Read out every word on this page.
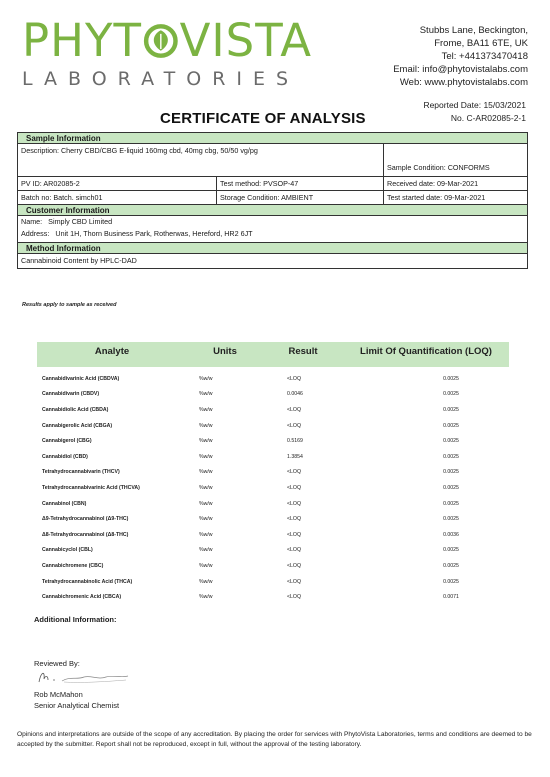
PHYT VISTA
LABORATORIES
Stubbs Lane, Beckington,
Frome, BA11 6TE, UK
Tel: +441373470418
Email: info@phytovistalabs.com
Web: www.phytovistalabs.com
Reported Date: 15/03/2021
No. C-AR02085-2-1
CERTIFICATE OF ANALYSIS
Sample Information
Description: Cherry CBD/CBG E-liquid 160mg cbd, 40mg cbg, 50/50 vg/pg
Sample Condition: CONFORMS
PV ID: AR02085-2	Test method: PVSOP-47	Received date: 09-Mar-2021
Batch no: Batch. simch01	Storage Condition: AMBIENT	Test started date: 09-Mar-2021
Customer Information
Name: Simply CBD Limited
Address: Unit 1H, Thorn Business Park, Rotherwas, Hereford, HR2 6JT
Method Information
Cannabinoid Content by HPLC-DAD
Results apply to sample as received
Analyte	Units	Result	Limit Of Quantification (LOQ)
Cannabidivarinic Acid (CBDVA)	%w/w	<LOQ	0.0025
Cannabidivarin (CBDV)	%w/w	0.0046	0.0025
Cannabidiolic Acid (CBDA)	%w/w	<LOQ	0.0025
Cannabigerolic Acid (CBGA)	%w/w	<LOQ	0.0025
Cannabigerol (CBG)	%w/w	0.5169	0.0025
Cannabidiol (CBD)	%w/w	1.3854	0.0025
Tetrahydrocannabivarin (THCV)	%w/w	<LOQ	0.0025
Tetrahydrocannabivarinic Acid (THCVA)	%w/w	<LOQ	0.0025
Cannabinol (CBN)	%w/w	<LOQ	0.0025
Δ9-Tetrahydrocannabinol (Δ9-THC)	%w/w	<LOQ	0.0025
Δ8-Tetrahydrocannabinol (Δ8-THC)	%w/w	<LOQ	0.0036
Cannabicyclol (CBL)	%w/w	<LOQ	0.0025
Cannabichromene (CBC)	%w/w	<LOQ	0.0025
Tetrahydrocannabinolic Acid (THCA)	%w/w	<LOQ	0.0025
Cannabichromenic Acid (CBCA)	%w/w	<LOQ	0.0071
Additional Information:
Reviewed By:
Rob McMahon
Senior Analytical Chemist
Opinions and interpretations are outside of the scope of any accreditation. By placing the order for services with PhytoVista Laboratories, terms and conditions are deemed to be accepted by the submitter. Report shall not be reproduced, except in full, without the approval of the testing laboratory.
